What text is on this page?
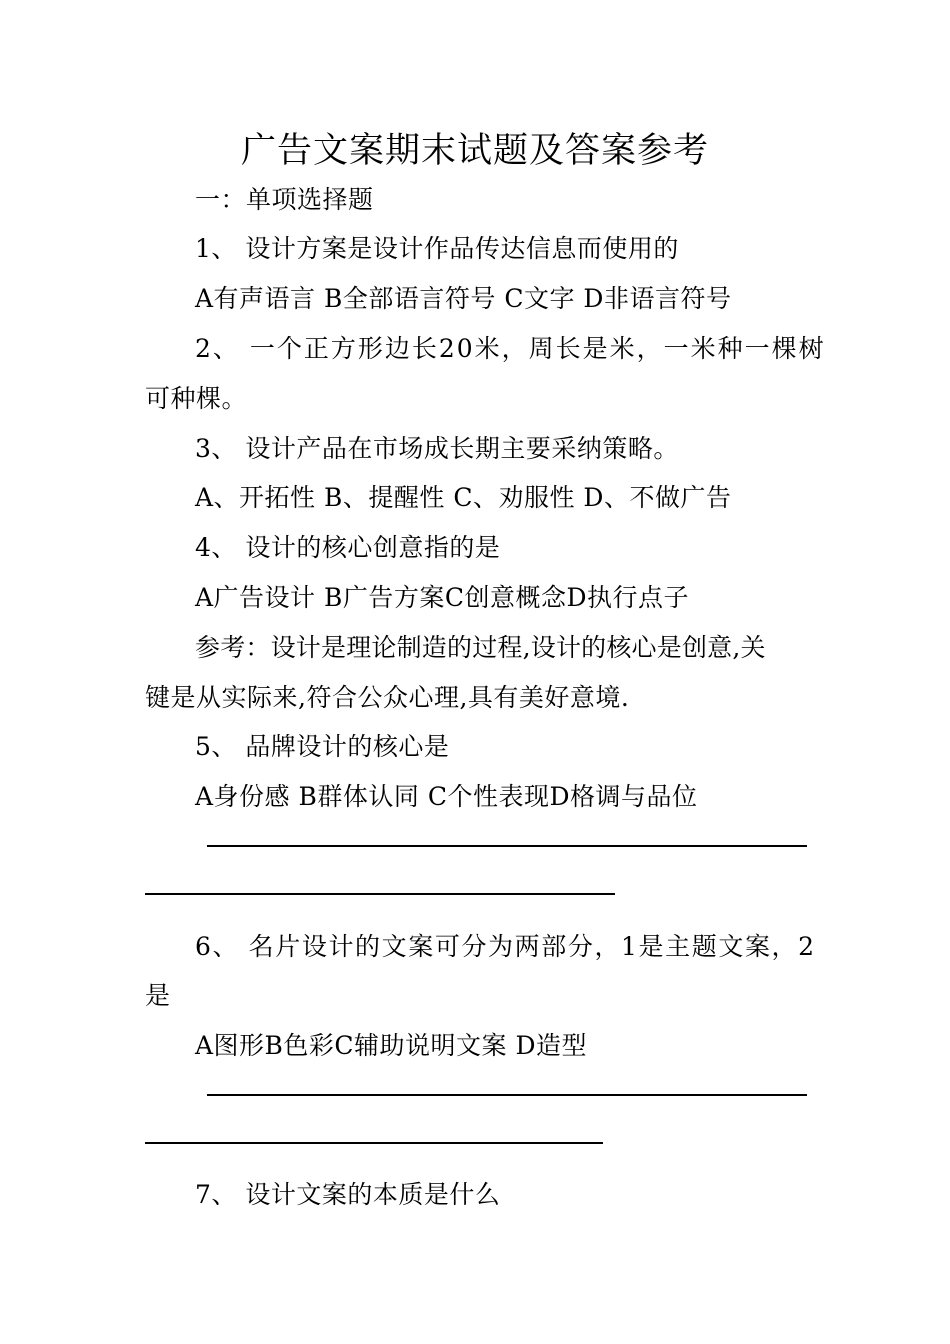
广告文案期末试题及答案参考
一：单项选择题
1、 设计方案是设计作品传达信息而使用的
A有声语言 B全部语言符号 C文字 D非语言符号
2、 一个正方形边长20米，周长是米，一米种一棵树
可种棵。
3、 设计产品在市场成长期主要采纳策略。
A、开拓性 B、提醒性 C、劝服性 D、不做广告
4、 设计的核心创意指的是
A广告设计 B广告方案C创意概念D执行点子
参考：设计是理论制造的过程,设计的核心是创意,关
键是从实际来,符合公众心理,具有美好意境.
5、 品牌设计的核心是
A身份感 B群体认同 C个性表现D格调与品位
6、 名片设计的文案可分为两部分，1是主题文案，2
是
A图形B色彩C辅助说明文案 D造型
7、 设计文案的本质是什么
